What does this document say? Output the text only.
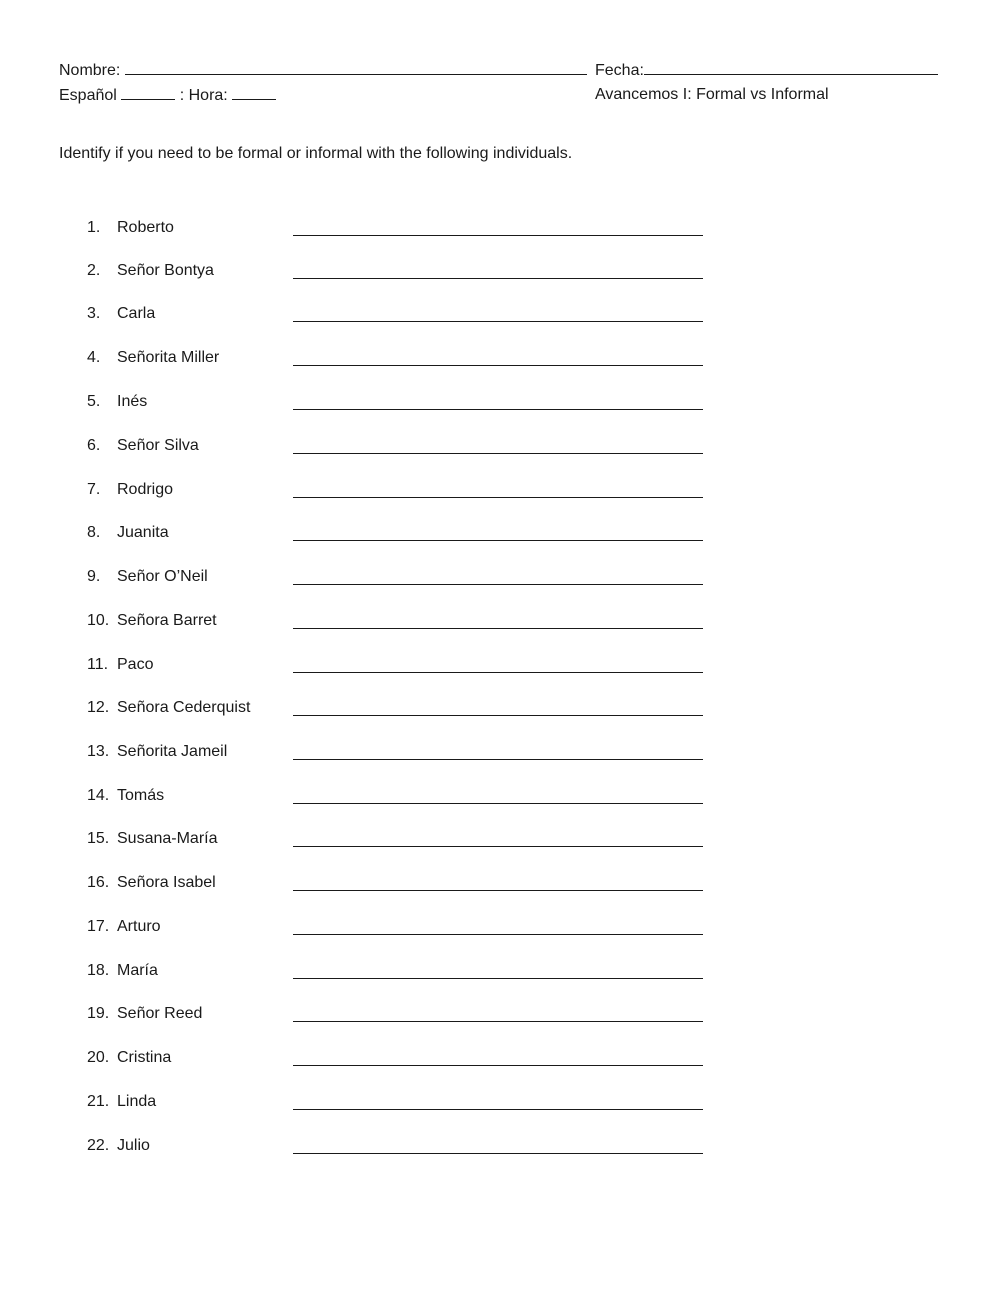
Nombre:	Fecha:
Español	: Hora:	Avancemos I: Formal vs Informal
Identify if you need to be formal or informal with the following individuals.
1. Roberto
2. Señor Bontya
3. Carla
4. Señorita Miller
5. Inés
6. Señor Silva
7. Rodrigo
8. Juanita
9. Señor O’Neil
10. Señora Barret
11. Paco
12. Señora Cederquist
13. Señorita Jameil
14. Tomás
15. Susana-María
16. Señora Isabel
17. Arturo
18. María
19. Señor Reed
20. Cristina
21. Linda
22. Julio
